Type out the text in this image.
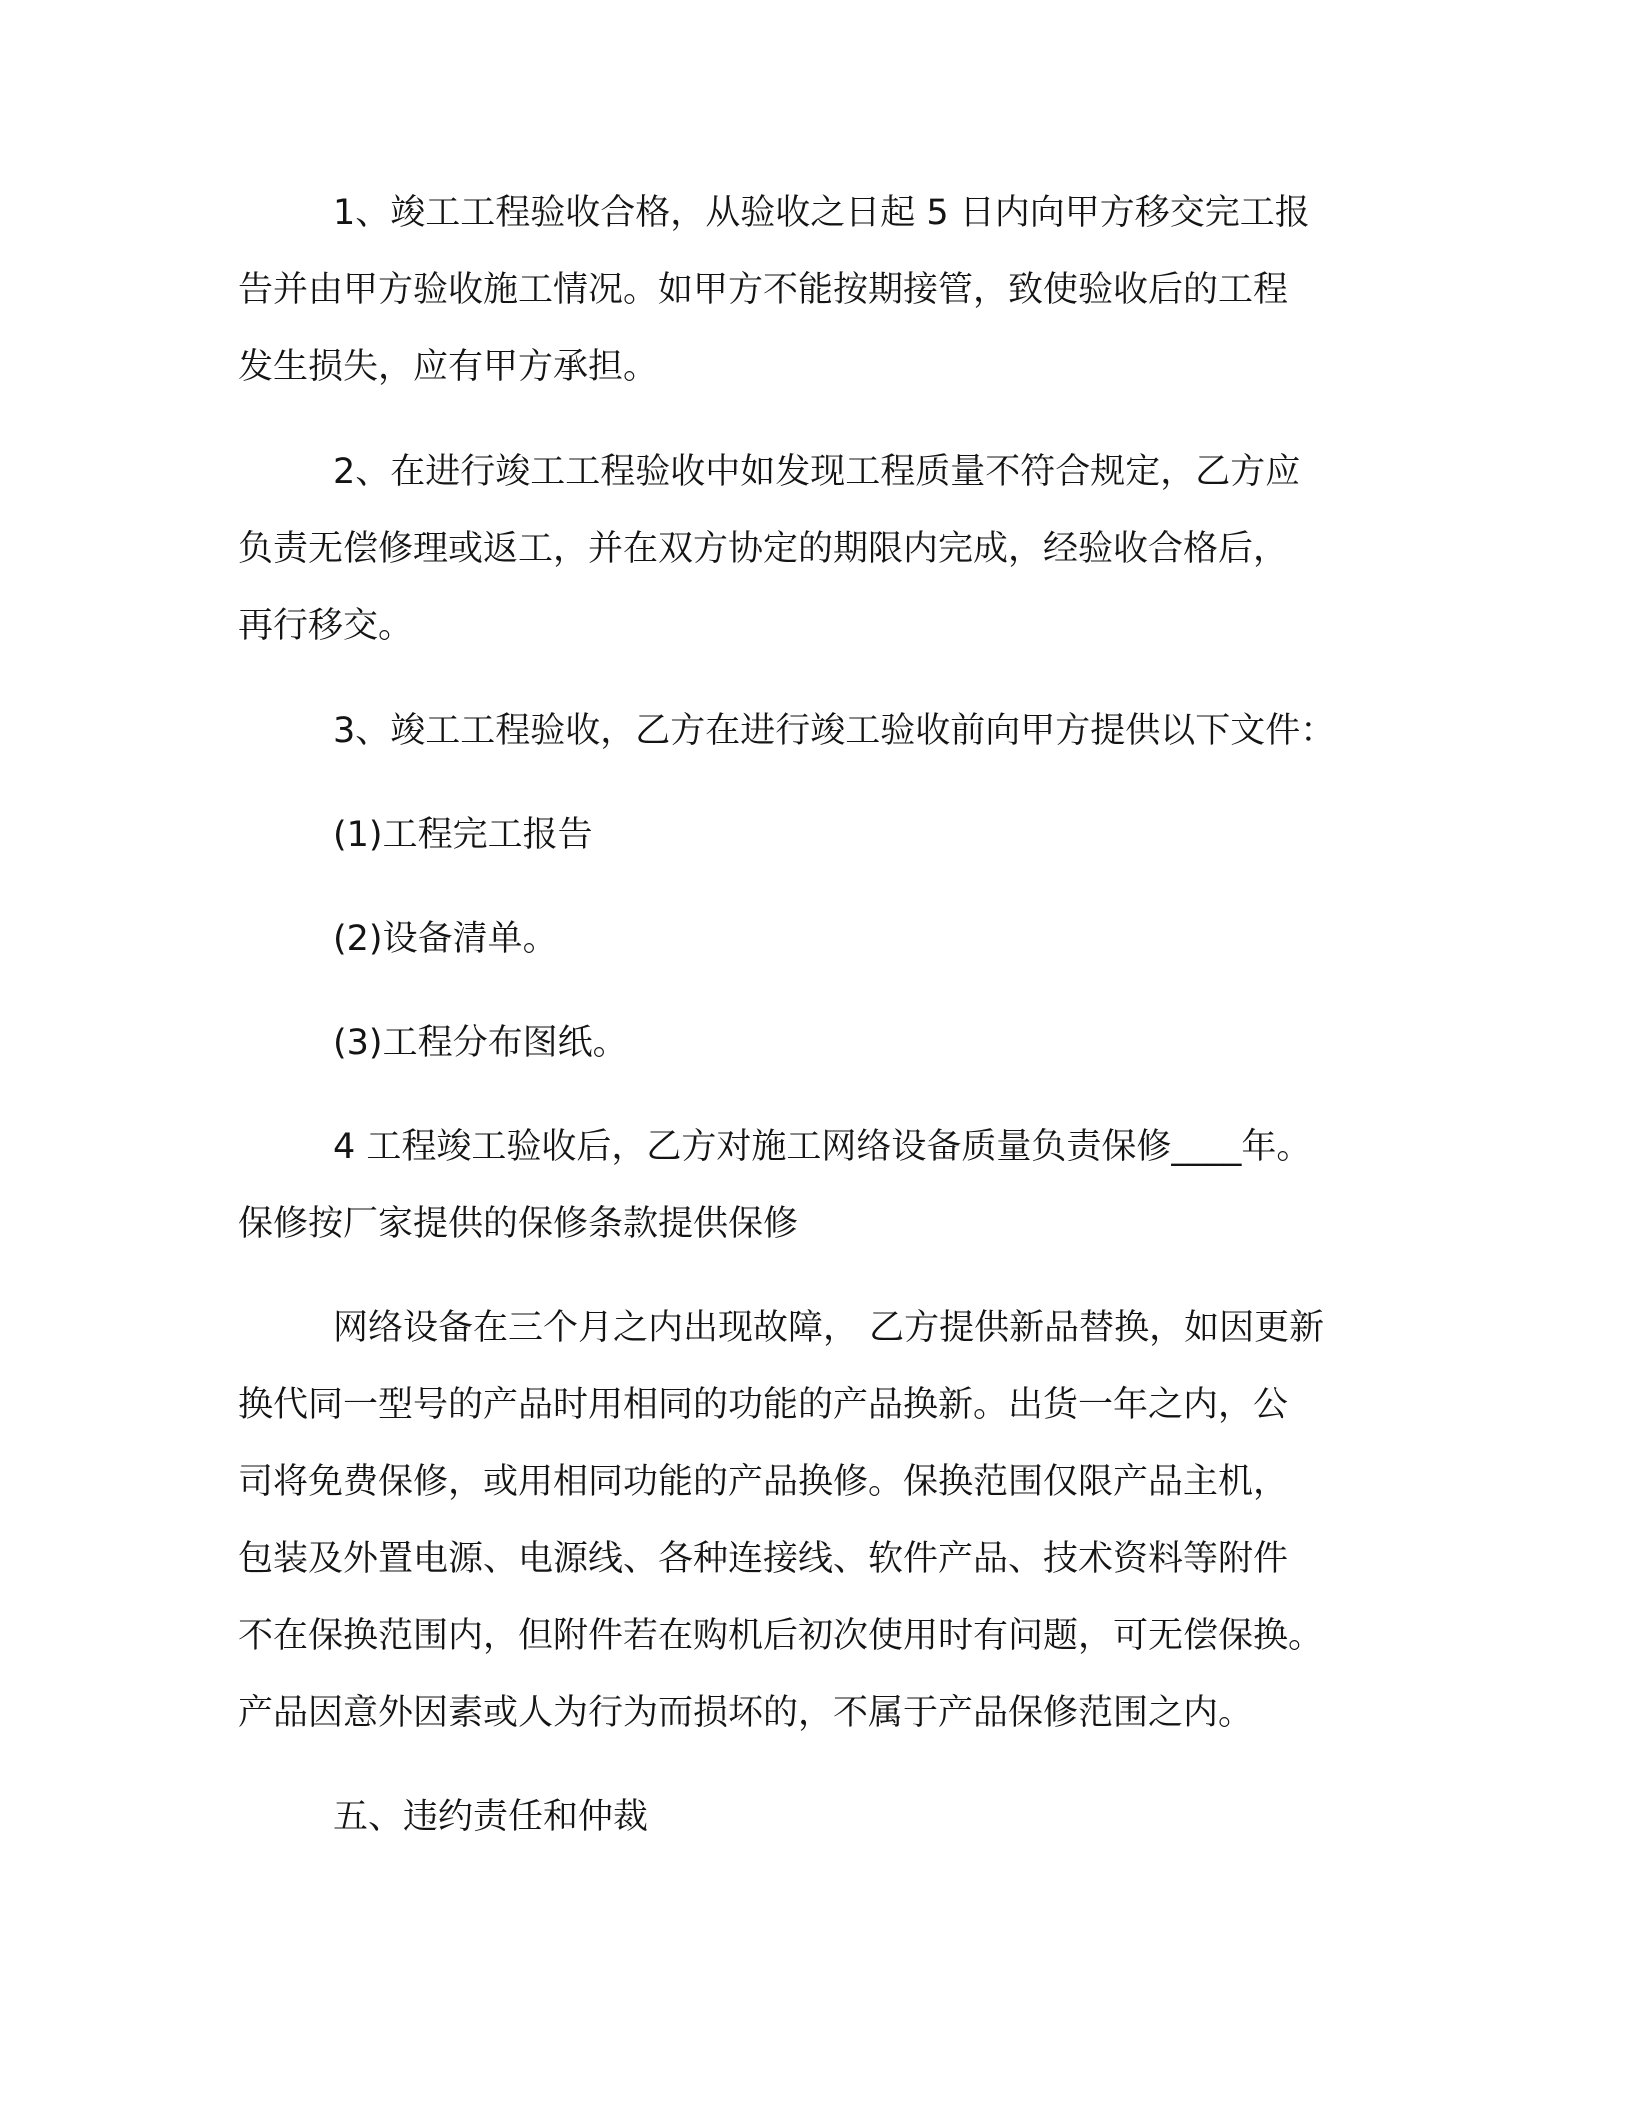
1、竣工工程验收合格，从验收之日起 5 日内向甲方移交完工报
告并由甲方验收施工情况。如甲方不能按期接管，致使验收后的工程
发生损失，应有甲方承担。
2、在进行竣工工程验收中如发现工程质量不符合规定，乙方应
负责无偿修理或返工，并在双方协定的期限内完成，经验收合格后，
再行移交。
3、竣工工程验收，乙方在进行竣工验收前向甲方提供以下文件：
(1)工程完工报告
(2)设备清单。
(3)工程分布图纸。
4 工程竣工验收后，乙方对施工网络设备质量负责保修____年。
保修按厂家提供的保修条款提供保修
网络设备在三个月之内出现故障， 乙方提供新品替换，如因更新
换代同一型号的产品时用相同的功能的产品换新。出货一年之内，公
司将免费保修，或用相同功能的产品换修。保换范围仅限产品主机，
包装及外置电源、电源线、各种连接线、软件产品、技术资料等附件
不在保换范围内，但附件若在购机后初次使用时有问题，可无偿保换。
产品因意外因素或人为行为而损坏的，不属于产品保修范围之内。
五、违约责任和仲裁
